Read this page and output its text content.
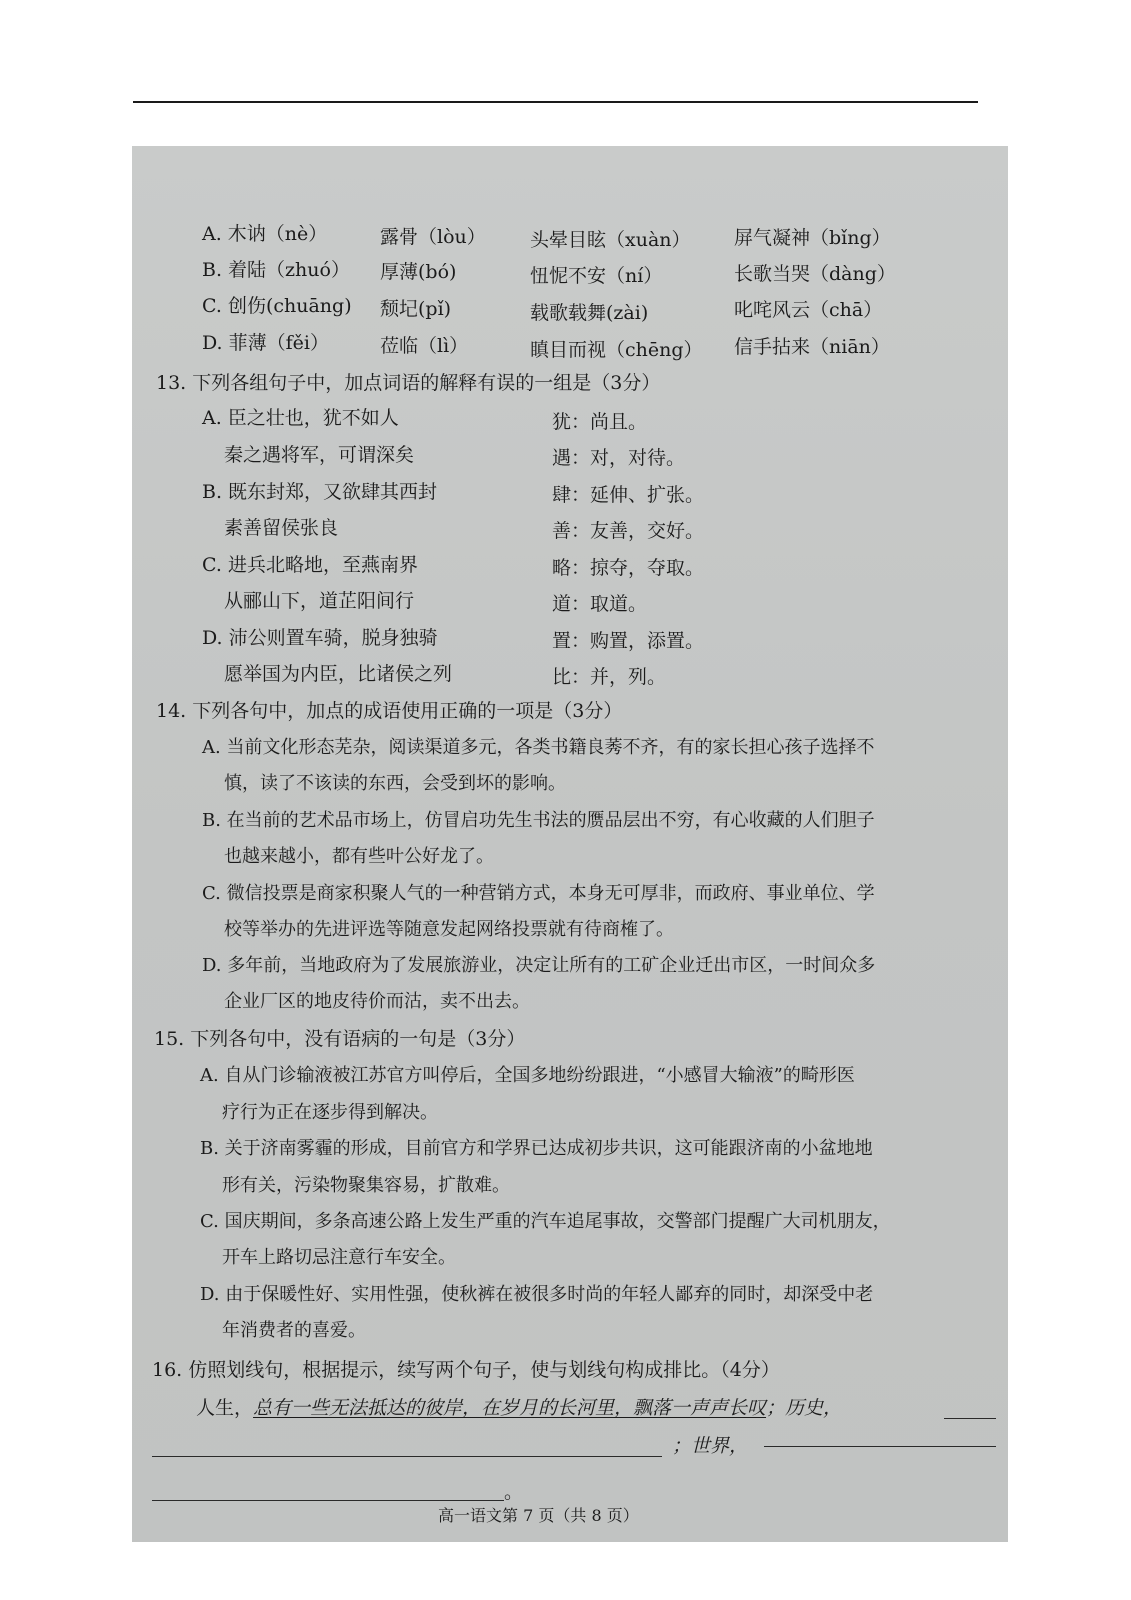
A. 木讷（nè）	露骨（lòu） 头晕目眩（xuàn） 屏气凝神（bǐng）
B. 着陆（zhuó） 厚薄(bó)	忸怩不安（ní）	长歌当哭（dàng）
C. 创伤(chuāng) 颓圮(pǐ)	载歌载舞(zài)	叱咤风云（chā）
D. 菲薄（fěi）	莅临（lì）	瞋目而视（chēng） 信手拈来（niān）
13. 下列各组句子中，加点词语的解释有误的一组是（3分）
A. 臣之壮也，犹不如人	犹：尚且。
秦之遇将军，可谓深矣	遇：对，对待。
B. 既东封郑，又欲肆其西封	肆：延伸、扩张。
素善留侯张良	善：友善，交好。
C. 进兵北略地，至燕南界	略：掠夺，夺取。
从郦山下，道芷阳间行	道：取道。
D. 沛公则置车骑，脱身独骑	置：购置，添置。
愿举国为内臣，比诸侯之列	比：并，列。
14. 下列各句中，加点的成语使用正确的一项是（3分）
A. 当前文化形态芜杂，阅读渠道多元，各类书籍良莠不齐，有的家长担心孩子选择不
慎，读了不该读的东西，会受到坏的影响。
B. 在当前的艺术品市场上，仿冒启功先生书法的赝品层出不穷，有心收藏的人们胆子
也越来越小，都有些叶公好龙了。
C. 微信投票是商家积聚人气的一种营销方式，本身无可厚非，而政府、事业单位、学
校等举办的先进评选等随意发起网络投票就有待商榷了。
D. 多年前，当地政府为了发展旅游业，决定让所有的工矿企业迁出市区，一时间众多
企业厂区的地皮待价而沽，卖不出去。
15. 下列各句中，没有语病的一句是（3分）
A. 自从门诊输液被江苏官方叫停后，全国多地纷纷跟进，“小感冒大输液”的畸形医
疗行为正在逐步得到解决。
B. 关于济南雾霾的形成，目前官方和学界已达成初步共识，这可能跟济南的小盆地地
形有关，污染物聚集容易，扩散难。
C. 国庆期间，多条高速公路上发生严重的汽车追尾事故，交警部门提醒广大司机朋友，
开车上路切忌注意行车安全。
D. 由于保暖性好、实用性强，使秋裤在被很多时尚的年轻人鄙弃的同时，却深受中老
年消费者的喜爱。
16. 仿照划线句，根据提示，续写两个句子，使与划线句构成排比。（4分）
人生，总有一些无法抵达的彼岸，在岁月的长河里，飘落一声声长叹；历史，
；世界，
。
高一语文第 7 页（共 8 页）
